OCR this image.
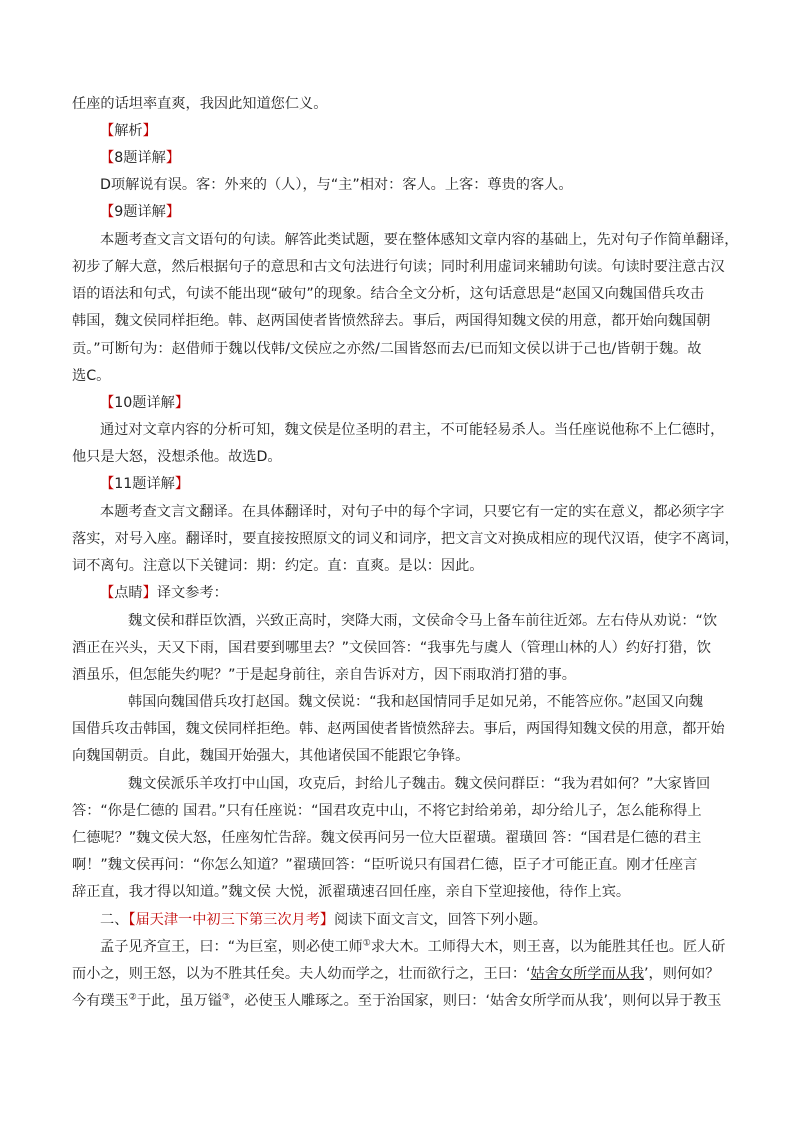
任座的话坦率直爽，我因此知道您仁义。
【解析】
【8题详解】
D项解说有误。客：外来的（人），与“主”相对：客人。上客：尊贵的客人。
【9题详解】
本题考查文言文语句的句读。解答此类试题，要在整体感知文章内容的基础上，先对句子作简单翻译，
初步了解大意，然后根据句子的意思和古文句法进行句读；同时利用虚词来辅助句读。句读时要注意古汉
语的语法和句式，句读不能出现“破句”的现象。结合全文分析，这句话意思是“赵国又向魏国借兵攻击
韩国，魏文侯同样拒绝。韩、赵两国使者皆愤然辞去。事后，两国得知魏文侯的用意，都开始向魏国朝
贡。”可断句为：赵借师于魏以伐韩/文侯应之亦然/二国皆怒而去/已而知文侯以讲于己也/皆朝于魏。故
选C。
【10题详解】
通过对文章内容的分析可知，魏文侯是位圣明的君主，不可能轻易杀人。当任座说他称不上仁德时，
他只是大怒，没想杀他。故选D。
【11题详解】
本题考查文言文翻译。在具体翻译时，对句子中的每个字词，只要它有一定的实在意义，都必须字字
落实，对号入座。翻译时，要直接按照原文的词义和词序，把文言文对换成相应的现代汉语，使字不离词，
词不离句。注意以下关键词：期：约定。直：直爽。是以：因此。
【点睛】译文参考：
魏文侯和群臣饮酒，兴致正高时，突降大雨，文侯命令马上备车前往近郊。左右侍从劝说：“饮
酒正在兴头，天又下雨，国君要到哪里去？”文侯回答：“我事先与虞人（管理山林的人）约好打猎，饮
酒虽乐，但怎能失约呢？”于是起身前往，亲自告诉对方，因下雨取消打猎的事。
韩国向魏国借兵攻打赵国。魏文侯说：“我和赵国情同手足如兄弟，不能答应你。”赵国又向魏
国借兵攻击韩国，魏文侯同样拒绝。韩、赵两国使者皆愤然辞去。事后，两国得知魏文侯的用意，都开始
向魏国朝贡。自此，魏国开始强大，其他诸侯国不能跟它争锋。
魏文侯派乐羊攻打中山国，攻克后，封给儿子魏击。魏文侯问群臣：“我为君如何？”大家皆回
答：“你是仁德的 国君。”只有任座说：“国君攻克中山，不将它封给弟弟，却分给儿子，怎么能称得上
仁德呢？”魏文侯大怒，任座匆忙告辞。魏文侯再问另一位大臣翟璜。翟璜回 答：“国君是仁德的君主
啊！”魏文侯再问：“你怎么知道？”翟璜回答：“臣听说只有国君仁德，臣子才可能正直。刚才任座言
辞正直，我才得以知道。”魏文侯 大悦，派翟璜速召回任座，亲自下堂迎接他，待作上宾。
二、【届天津一中初三下第三次月考】阅读下面文言文，回答下列小题。
孟子见齐宣王，曰：“为巨室，则必使工师①求大木。工师得大木，则王喜，以为能胜其任也。匠人斫
而小之，则王怒，以为不胜其任矣。夫人幼而学之，壮而欲行之，王曰：‘姑舍女所学而从我’，则何如？
今有璞玉②于此，虽万镒③，必使玉人雕琢之。至于治国家，则曰：‘姑舍女所学而从我’，则何以异于教玉
